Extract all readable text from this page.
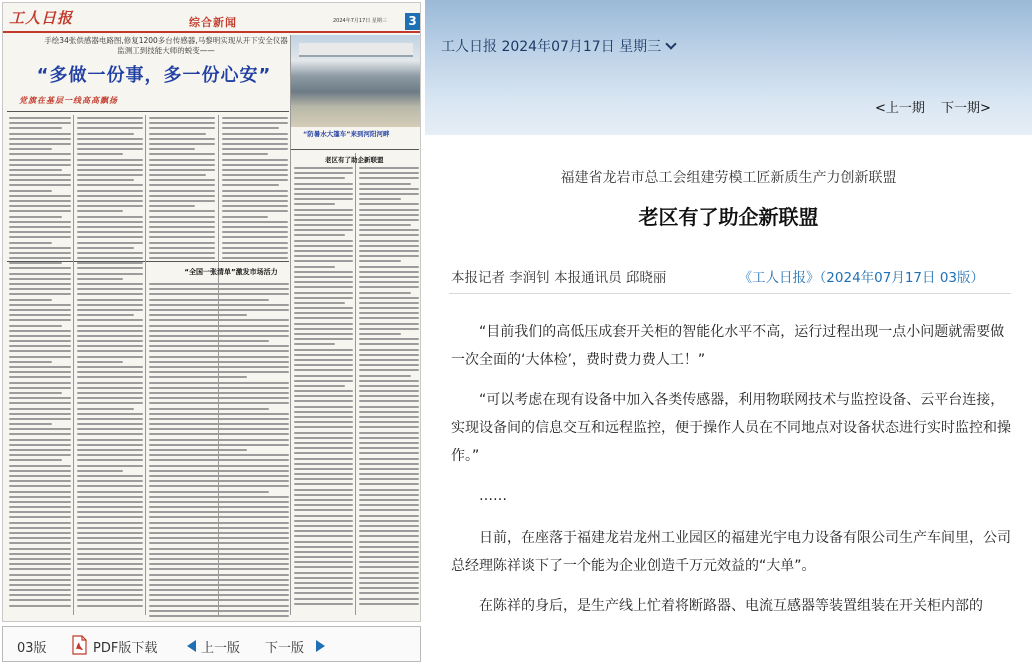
工人日报
	综合新闻	2024年7月17日 星期三 3
手绘34张供感器电路图,修复1200多台传感器,马黎明实现从开下安全仪器监测工到技能大师的蜕变——
“多做一份事，多一份心安”
党旗在基层一线高高飘扬
“防暑水大篷车”来到河阳河畔
“全国一张清单”激发市场活力
老区有了助企新联盟
03版	PDF版下载	上一版 下一版
工人日报 2024年07月17日 星期三
<上一期 下一期>
福建省龙岩市总工会组建劳模工匠新质生产力创新联盟
老区有了助企新联盟
本报记者 李润钊 本报通讯员 邱晓丽	《工人日报》（2024年07月17日 03版）

“目前我们的高低压成套开关柜的智能化水平不高，运行过程出现一点小问题就需要做一次全面的‘大体检’，费时费力费人工！”

“可以考虑在现有设备中加入各类传感器，利用物联网技术与监控设备、云平台连接，实现设备间的信息交互和远程监控，便于操作人员在不同地点对设备状态进行实时监控和操作。”

……

日前，在座落于福建龙岩龙州工业园区的福建光宇电力设备有限公司生产车间里，公司总经理陈祥谈下了一个能为企业创造千万元效益的“大单”。

在陈祥的身后，是生产线上忙着将断路器、电流互感器等装置组装在开关柜内部的
